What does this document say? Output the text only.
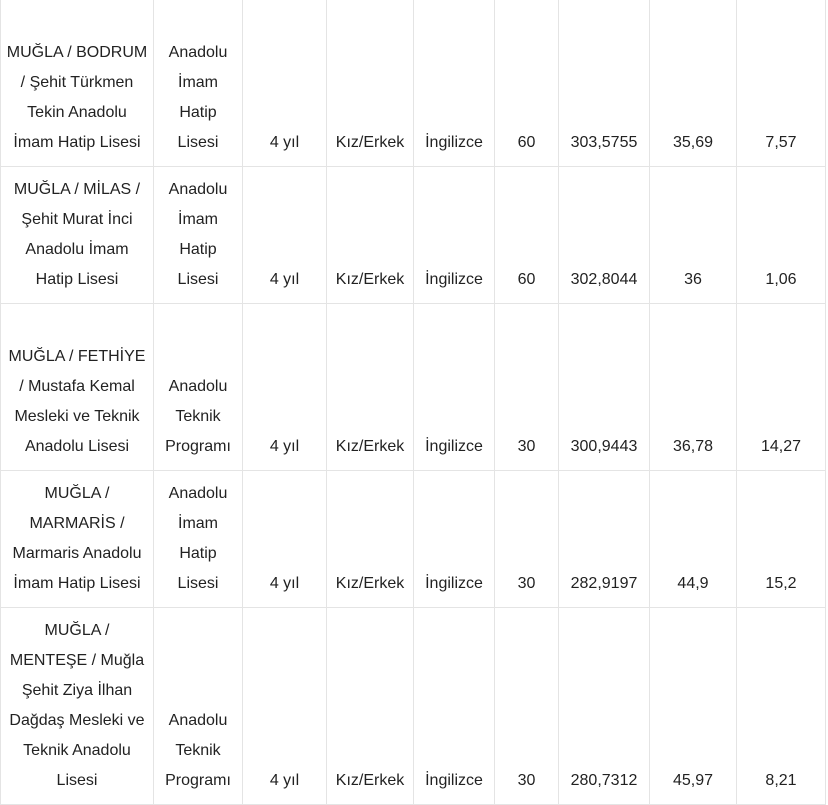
MUĞLA / BODRUM / Şehit Türkmen Tekin Anadolu İmam Hatip Lisesi	Anadolu İmam Hatip Lisesi	4 yıl	Kız/Erkek	İngilizce	60	303,5755	35,69	7,57
MUĞLA / MİLAS / Şehit Murat İnci Anadolu İmam Hatip Lisesi	Anadolu İmam Hatip Lisesi	4 yıl	Kız/Erkek	İngilizce	60	302,8044	36	1,06
MUĞLA / FETHİYE / Mustafa Kemal Mesleki ve Teknik Anadolu Lisesi	Anadolu Teknik Programı	4 yıl	Kız/Erkek	İngilizce	30	300,9443	36,78	14,27
MUĞLA / MARMARİS / Marmaris Anadolu İmam Hatip Lisesi	Anadolu İmam Hatip Lisesi	4 yıl	Kız/Erkek	İngilizce	30	282,9197	44,9	15,2
MUĞLA / MENTEŞE / Muğla Şehit Ziya İlhan Dağdaş Mesleki ve Teknik Anadolu Lisesi	Anadolu Teknik Programı	4 yıl	Kız/Erkek	İngilizce	30	280,7312	45,97	8,21
